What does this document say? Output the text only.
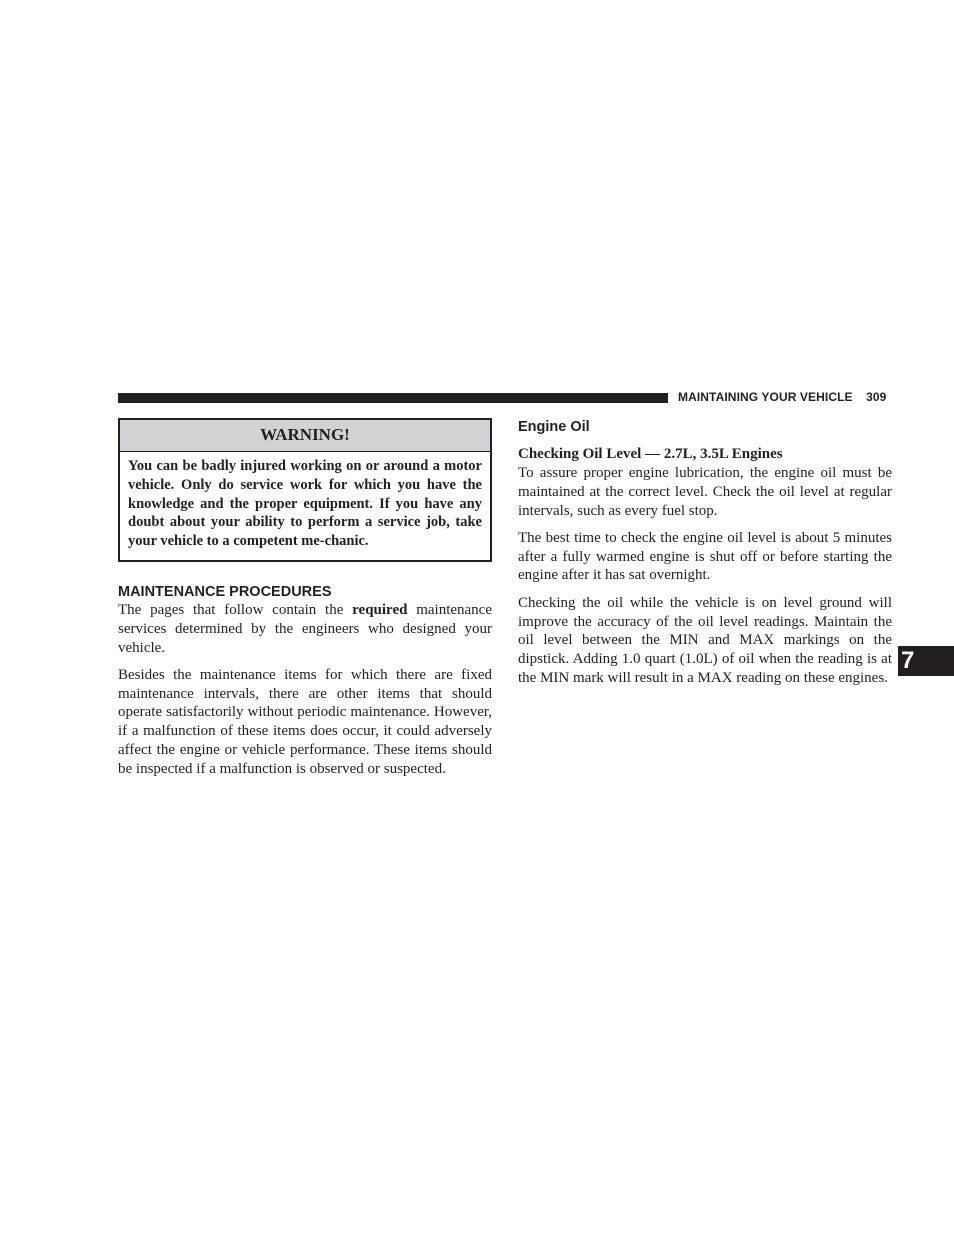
MAINTAINING YOUR VEHICLE 309
WARNING!
You can be badly injured working on or around a motor vehicle. Only do service work for which you have the knowledge and the proper equipment. If you have any doubt about your ability to perform a service job, take your vehicle to a competent me-chanic.
MAINTENANCE PROCEDURES

The pages that follow contain the required maintenance services determined by the engineers who designed your vehicle.

Besides the maintenance items for which there are fixed maintenance intervals, there are other items that should operate satisfactorily without periodic maintenance. However, if a malfunction of these items does occur, it could adversely affect the engine or vehicle performance. These items should be inspected if a malfunction is observed or suspected.

Engine Oil
Checking Oil Level — 2.7L, 3.5L Engines

To assure proper engine lubrication, the engine oil must be maintained at the correct level. Check the oil level at regular intervals, such as every fuel stop.

The best time to check the engine oil level is about 5 minutes after a fully warmed engine is shut off or before starting the engine after it has sat overnight.

Checking the oil while the vehicle is on level ground will improve the accuracy of the oil level readings. Maintain the oil level between the MIN and MAX markings on the dipstick. Adding 1.0 quart (1.0L) of oil when the reading is at the MIN mark will result in a MAX reading on these engines.

7
